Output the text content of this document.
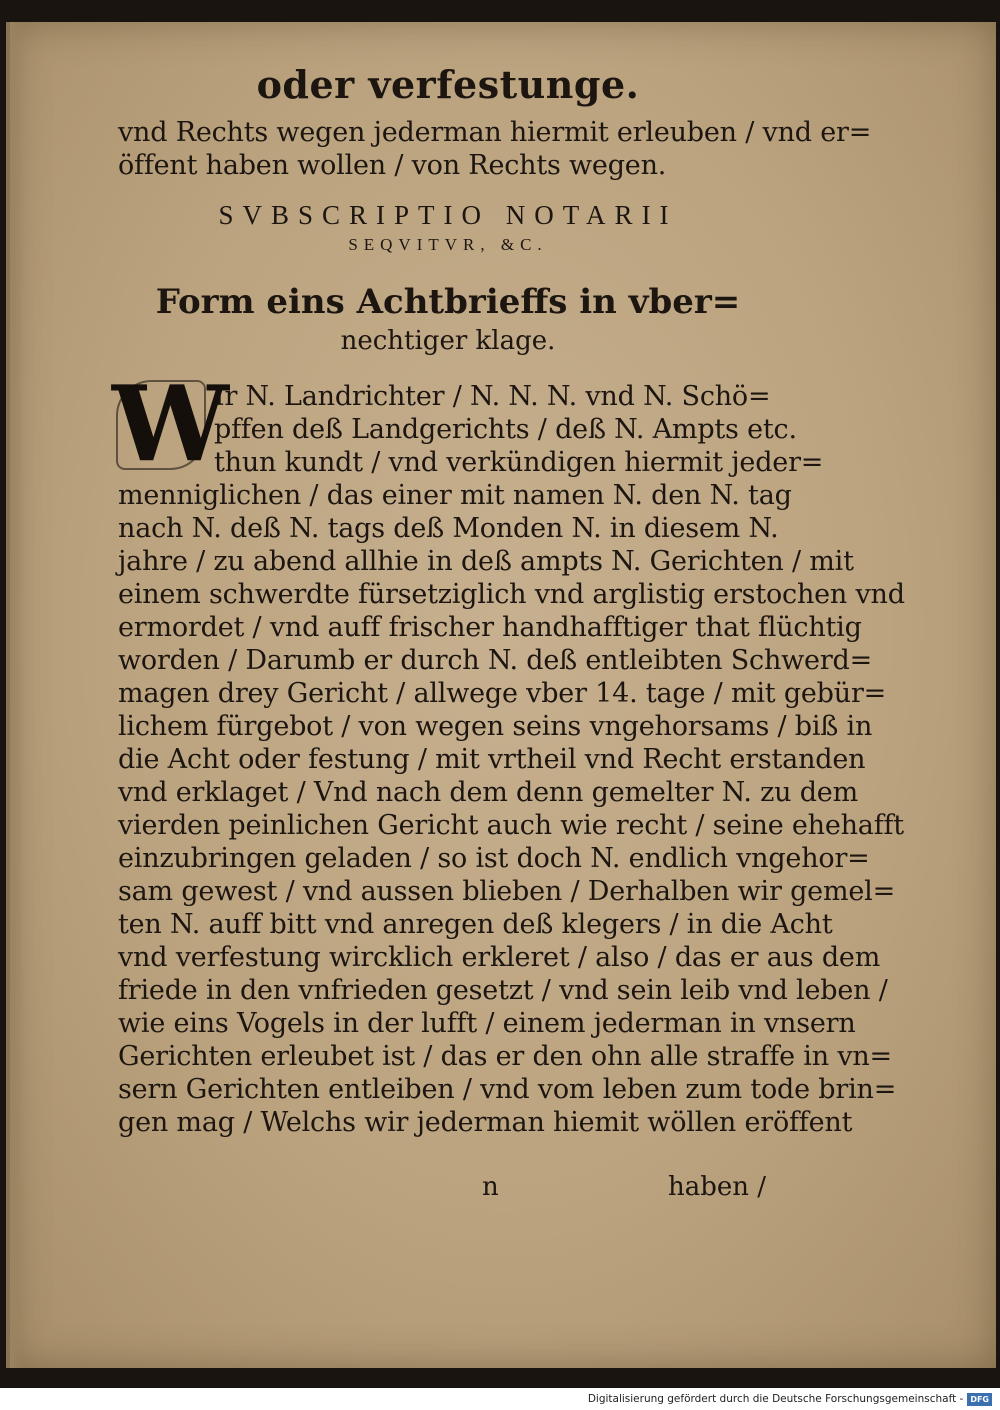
oder verfestunge.
vnd Rechts wegen jederman hiermit erleuben / vnd er=
öffent haben wollen / von Rechts wegen.
SVBSCRIPTIO NOTARII
SEQVITVR, &C.
Form eins Achtbrieffs in vber=
nechtiger klage.
W
Ir N. Landrichter / N. N. N. vnd N. Schö=
pffen deß Landgerichts / deß N. Ampts etc.
thun kundt / vnd verkündigen hiermit jeder=
menniglichen / das einer mit namen N. den N. tag
nach N. deß N. tags deß Monden N. in diesem N.
jahre / zu abend allhie in deß ampts N. Gerichten / mit
einem schwerdte fürsetziglich vnd arglistig erstochen vnd
ermordet / vnd auff frischer handhafftiger that flüchtig
worden / Darumb er durch N. deß entleibten Schwerd=
magen drey Gericht / allwege vber 14. tage / mit gebür=
lichem fürgebot / von wegen seins vngehorsams / biß in
die Acht oder festung / mit vrtheil vnd Recht erstanden
vnd erklaget / Vnd nach dem denn gemelter N. zu dem
vierden peinlichen Gericht auch wie recht / seine ehehafft
einzubringen geladen / so ist doch N. endlich vngehor=
sam gewest / vnd aussen blieben / Derhalben wir gemel=
ten N. auff bitt vnd anregen deß klegers / in die Acht
vnd verfestung wircklich erkleret / also / das er aus dem
friede in den vnfrieden gesetzt / vnd sein leib vnd leben /
wie eins Vogels in der lufft / einem jederman in vnsern
Gerichten erleubet ist / das er den ohn alle straffe in vn=
sern Gerichten entleiben / vnd vom leben zum tode brin=
gen mag / Welchs wir jederman hiemit wöllen eröffent
n	haben /
Digitalisierung gefördert durch die Deutsche Forschungsgemeinschaft - DFG
